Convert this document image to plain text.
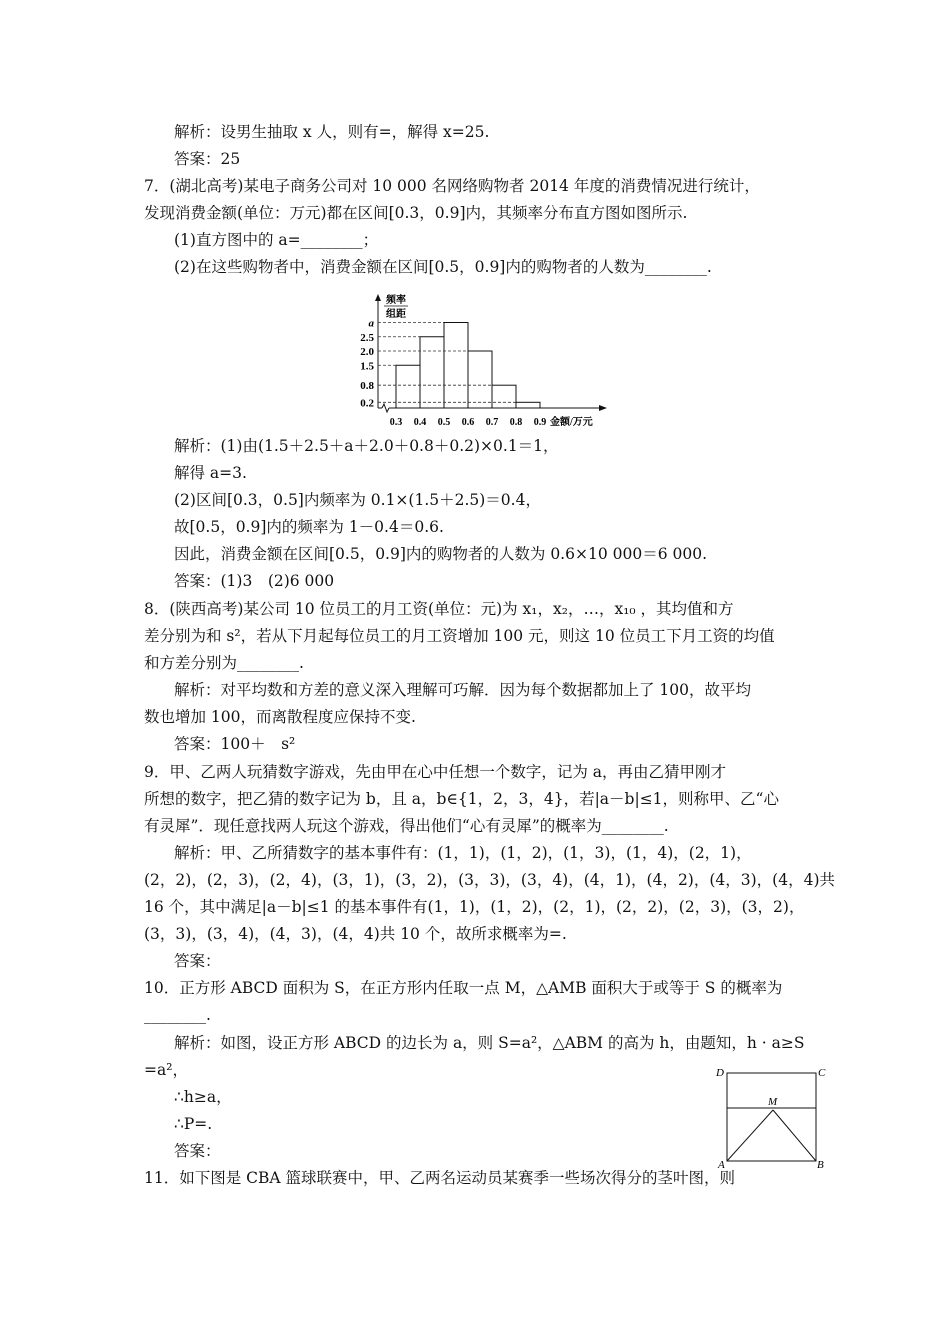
解析：设男生抽取 x 人，则有=，解得 x=25.
答案：25
7．(湖北高考)某电子商务公司对 10 000 名网络购物者 2014 年度的消费情况进行统计，
发现消费金额(单位：万元)都在区间[0.3，0.9]内，其频率分布直方图如图所示.
(1)直方图中的 a=________；
(2)在这些购物者中，消费金额在区间[0.5，0.9]内的购物者的人数为________.
频率
组距
1.5
2.5
a
2.0
0.8
0.2
0.3 0.4 0.5 0.6 0.7 0.8 0.9 金额/万元
解析：(1)由(1.5＋2.5＋a＋2.0＋0.8＋0.2)×0.1＝1，
解得 a=3.
(2)区间[0.3，0.5]内频率为 0.1×(1.5＋2.5)＝0.4，
故[0.5，0.9]内的频率为 1－0.4＝0.6.
因此，消费金额在区间[0.5，0.9]内的购物者的人数为 0.6×10 000＝6 000.
答案：(1)3　(2)6 000
8．(陕西高考)某公司 10 位员工的月工资(单位：元)为 x₁，x₂，…，x₁₀ ，其均值和方
差分别为和 s²，若从下月起每位员工的月工资增加 100 元，则这 10 位员工下月工资的均值
和方差分别为________.
解析：对平均数和方差的意义深入理解可巧解．因为每个数据都加上了 100，故平均
数也增加 100，而离散程度应保持不变.
答案：100＋　s²
9．甲、乙两人玩猜数字游戏，先由甲在心中任想一个数字，记为 a，再由乙猜甲刚才
所想的数字，把乙猜的数字记为 b，且 a，b∈{1，2，3，4}，若|a－b|≤1，则称甲、乙“心
有灵犀”．现任意找两人玩这个游戏，得出他们“心有灵犀”的概率为________.
解析：甲、乙所猜数字的基本事件有：(1，1)，(1，2)，(1，3)，(1，4)，(2，1)，
(2，2)，(2，3)，(2，4)，(3，1)，(3，2)，(3，3)，(3，4)，(4，1)，(4，2)，(4，3)，(4，4)共
16 个，其中满足|a－b|≤1 的基本事件有(1，1)，(1，2)，(2，1)，(2，2)，(2，3)，(3，2)，
(3，3)，(3，4)，(4，3)，(4，4)共 10 个，故所求概率为=.
答案：
10．正方形 ABCD 面积为 S，在正方形内任取一点 M，△AMB 面积大于或等于 S 的概率为
________.
解析：如图，设正方形 ABCD 的边长为 a，则 S=a²，△ABM 的高为 h，由题知，h · a≥S
=a²，
∴h≥a，
∴P=.
答案：
11．如下图是 CBA 篮球联赛中，甲、乙两名运动员某赛季一些场次得分的茎叶图，则
D	C
M
A	B
